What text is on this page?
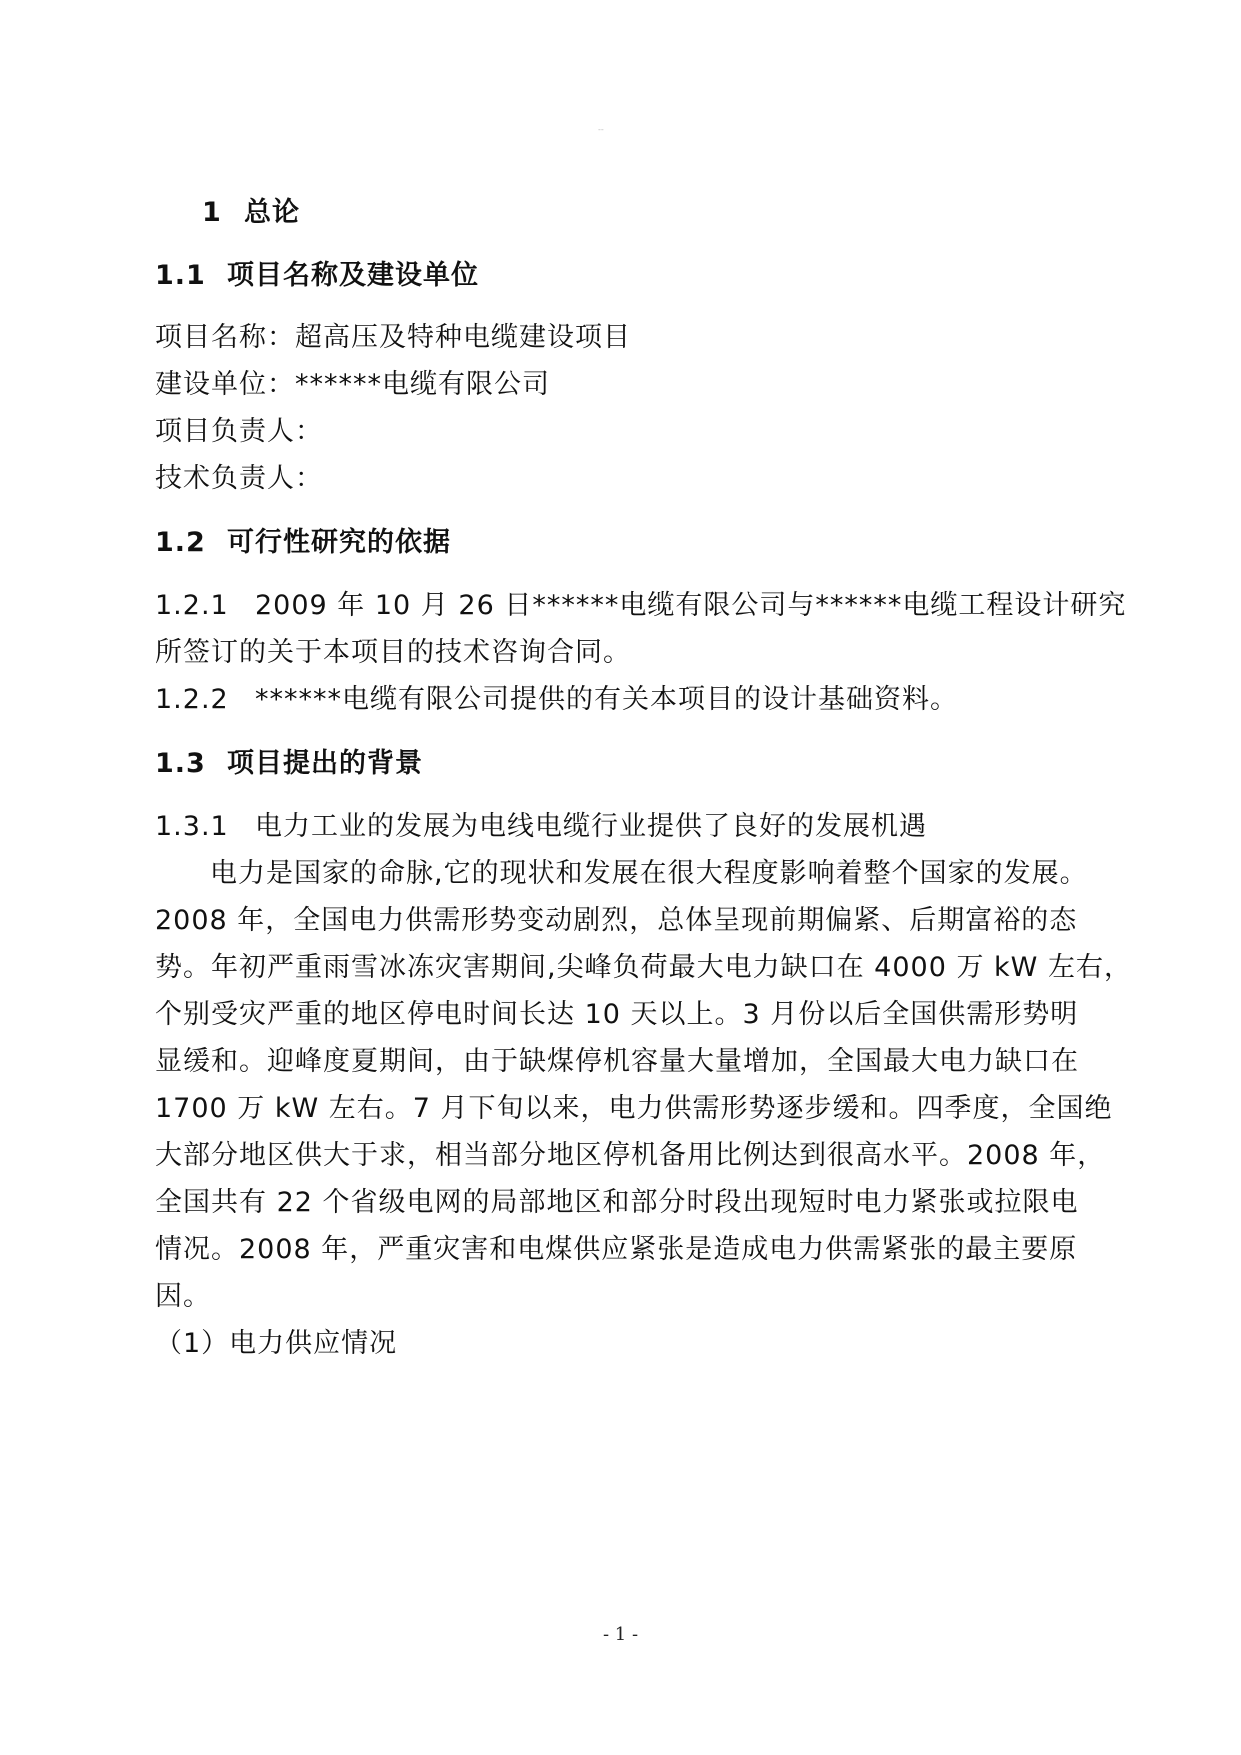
--
1 总论
1.1 项目名称及建设单位
项目名称：超高压及特种电缆建设项目
建设单位：******电缆有限公司
项目负责人：
技术负责人：
1.2 可行性研究的依据
1.2.1 2009 年 10 月 26 日******电缆有限公司与******电缆工程设计研究
所签订的关于本项目的技术咨询合同。
1.2.2 ******电缆有限公司提供的有关本项目的设计基础资料。
1.3 项目提出的背景
1.3.1 电力工业的发展为电线电缆行业提供了良好的发展机遇
电力是国家的命脉,它的现状和发展在很大程度影响着整个国家的发展。
2008 年，全国电力供需形势变动剧烈，总体呈现前期偏紧、后期富裕的态
势。年初严重雨雪冰冻灾害期间,尖峰负荷最大电力缺口在 4000 万 kW 左右，
个别受灾严重的地区停电时间长达 10 天以上。3 月份以后全国供需形势明
显缓和。迎峰度夏期间，由于缺煤停机容量大量增加，全国最大电力缺口在
1700 万 kW 左右。7 月下旬以来，电力供需形势逐步缓和。四季度，全国绝
大部分地区供大于求，相当部分地区停机备用比例达到很高水平。2008 年，
全国共有 22 个省级电网的局部地区和部分时段出现短时电力紧张或拉限电
情况。2008 年，严重灾害和电煤供应紧张是造成电力供需紧张的最主要原
因。
（1）电力供应情况
- 1 -
